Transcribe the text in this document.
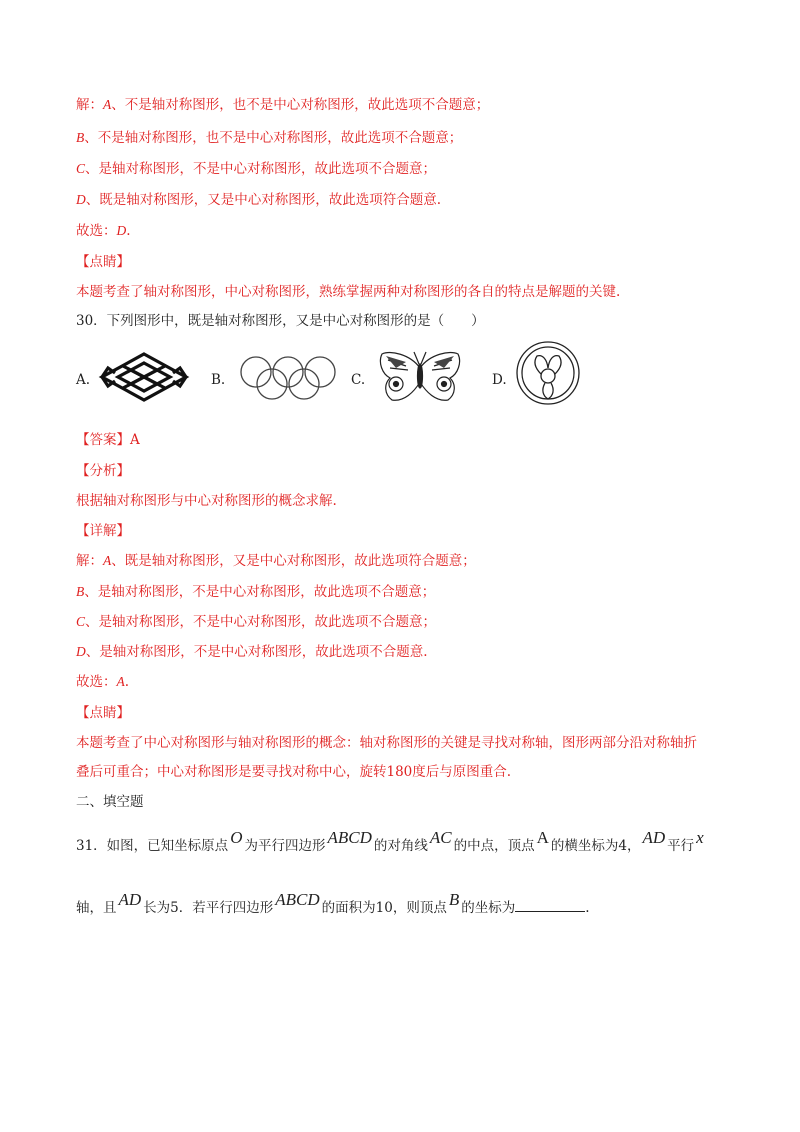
解：A、不是轴对称图形，也不是中心对称图形，故此选项不合题意；
B、不是轴对称图形，也不是中心对称图形，故此选项不合题意；
C、是轴对称图形，不是中心对称图形，故此选项不合题意；
D、既是轴对称图形，又是中心对称图形，故此选项符合题意.
故选：D.
【点睛】
本题考查了轴对称图形，中心对称图形，熟练掌握两种对称图形的各自的特点是解题的关键.
30．下列图形中，既是轴对称图形，又是中心对称图形的是（　　）
A.	B.	C.	D.
【答案】A
【分析】
根据轴对称图形与中心对称图形的概念求解.
【详解】
解：A、既是轴对称图形，又是中心对称图形，故此选项符合题意；
B、是轴对称图形，不是中心对称图形，故此选项不合题意；
C、是轴对称图形，不是中心对称图形，故此选项不合题意；
D、是轴对称图形，不是中心对称图形，故此选项不合题意.
故选：A.
【点睛】
本题考查了中心对称图形与轴对称图形的概念：轴对称图形的关键是寻找对称轴，图形两部分沿对称轴折
叠后可重合；中心对称图形是要寻找对称中心，旋转180度后与原图重合.
二、填空题
31．如图，已知坐标原点 O 为平行四边形 ABCD 的对角线 AC 的中点，顶点 A 的横坐标为4， AD 平行 x
轴，且 AD 长为5．若平行四边形 ABCD 的面积为10，则顶点 B 的坐标为	.
